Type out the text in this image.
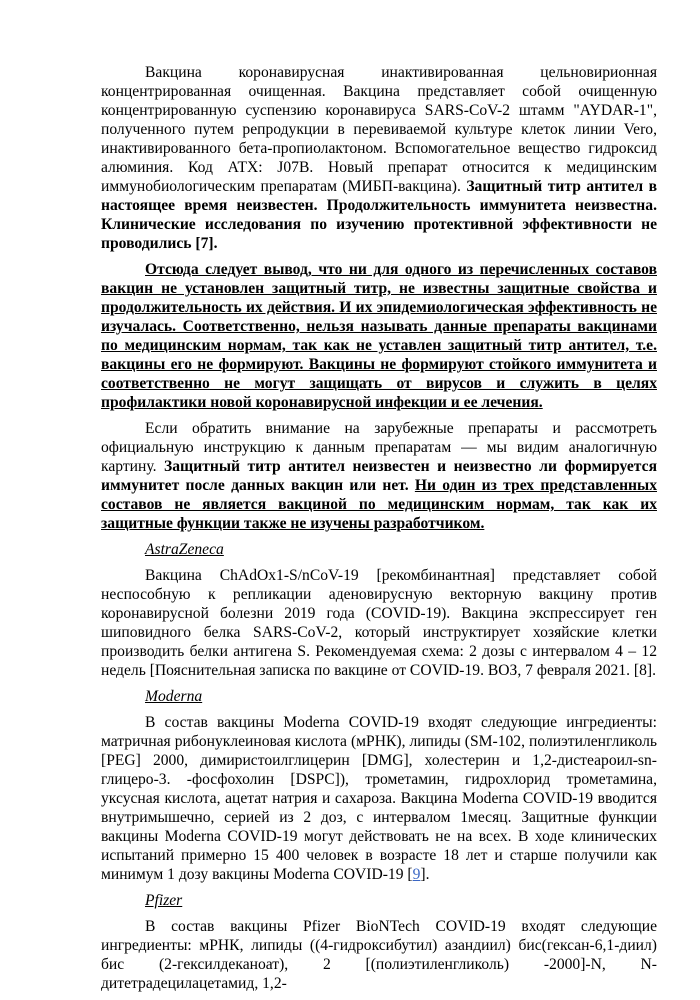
Вакцина коронавирусная инактивированная цельновирионная концентрированная очищенная. Вакцина представляет собой очищенную концентрированную суспензию коронавируса SARS-CoV-2 штамм "AYDAR-1", полученного путем репродукции в перевиваемой культуре клеток линии Vero, инактивированного бета-пропиолактоном. Вспомогательное вещество гидроксид алюминия. Код АТХ: J07B. Новый препарат относится к медицинским иммунобиологическим препаратам (МИБП-вакцина). Защитный титр антител в настоящее время неизвестен. Продолжительность иммунитета неизвестна. Клинические исследования по изучению протективной эффективности не проводились [7].

Отсюда следует вывод, что ни для одного из перечисленных составов вакцин не установлен защитный титр, не известны защитные свойства и продолжительность их действия. И их эпидемиологическая эффективность не изучалась. Соответственно, нельзя называть данные препараты вакцинами по медицинским нормам, так как не уставлен защитный титр антител, т.е. вакцины его не формируют. Вакцины не формируют стойкого иммунитета и соответственно не могут защищать от вирусов и служить в целях профилактики новой коронавирусной инфекции и ее лечения.

Если обратить внимание на зарубежные препараты и рассмотреть официальную инструкцию к данным препаратам — мы видим аналогичную картину. Защитный титр антител неизвестен и неизвестно ли формируется иммунитет после данных вакцин или нет. Ни один из трех представленных составов не является вакциной по медицинским нормам, так как их защитные функции также не изучены разработчиком.

AstraZeneca

Вакцина ChAdOx1-S/nCoV-19 [рекомбинантная] представляет собой неспособную к репликации аденовирусную векторную вакцину против коронавирусной болезни 2019 года (COVID-19). Вакцина экспрессирует ген шиповидного белка SARS-CoV-2, который инструктирует хозяйские клетки производить белки антигена S. Рекомендуемая схема: 2 дозы с интервалом 4 – 12 недель [Пояснительная записка по вакцине от COVID-19. ВОЗ, 7 февраля 2021. [8].

Moderna

В состав вакцины Moderna COVID-19 входят следующие ингредиенты: матричная рибонуклеиновая кислота (мРНК), липиды (SM-102, полиэтиленгликоль [PEG] 2000, димиристоилглицерин [DMG], холестерин и 1,2-дистеароил-sn-глицеро-3. -фосфохолин [DSPC]), трометамин, гидрохлорид трометамина, уксусная кислота, ацетат натрия и сахароза. Вакцина Moderna COVID-19 вводится внутримышечно, серией из 2 доз, с интервалом 1месяц. Защитные функции вакцины Moderna COVID-19 могут действовать не на всех. В ходе клинических испытаний примерно 15 400 человек в возрасте 18 лет и старше получили как минимум 1 дозу вакцины Moderna COVID-19 [9].

Pfizer

В состав вакцины Pfizer BioNTech COVID-19 входят следующие ингредиенты: мРНК, липиды ((4-гидроксибутил) азандиил) бис(гексан-6,1-диил) бис (2-гексилдеканоат), 2 [(полиэтиленгликоль) -2000]-N, N-дитетрадецилацетамид, 1,2-
